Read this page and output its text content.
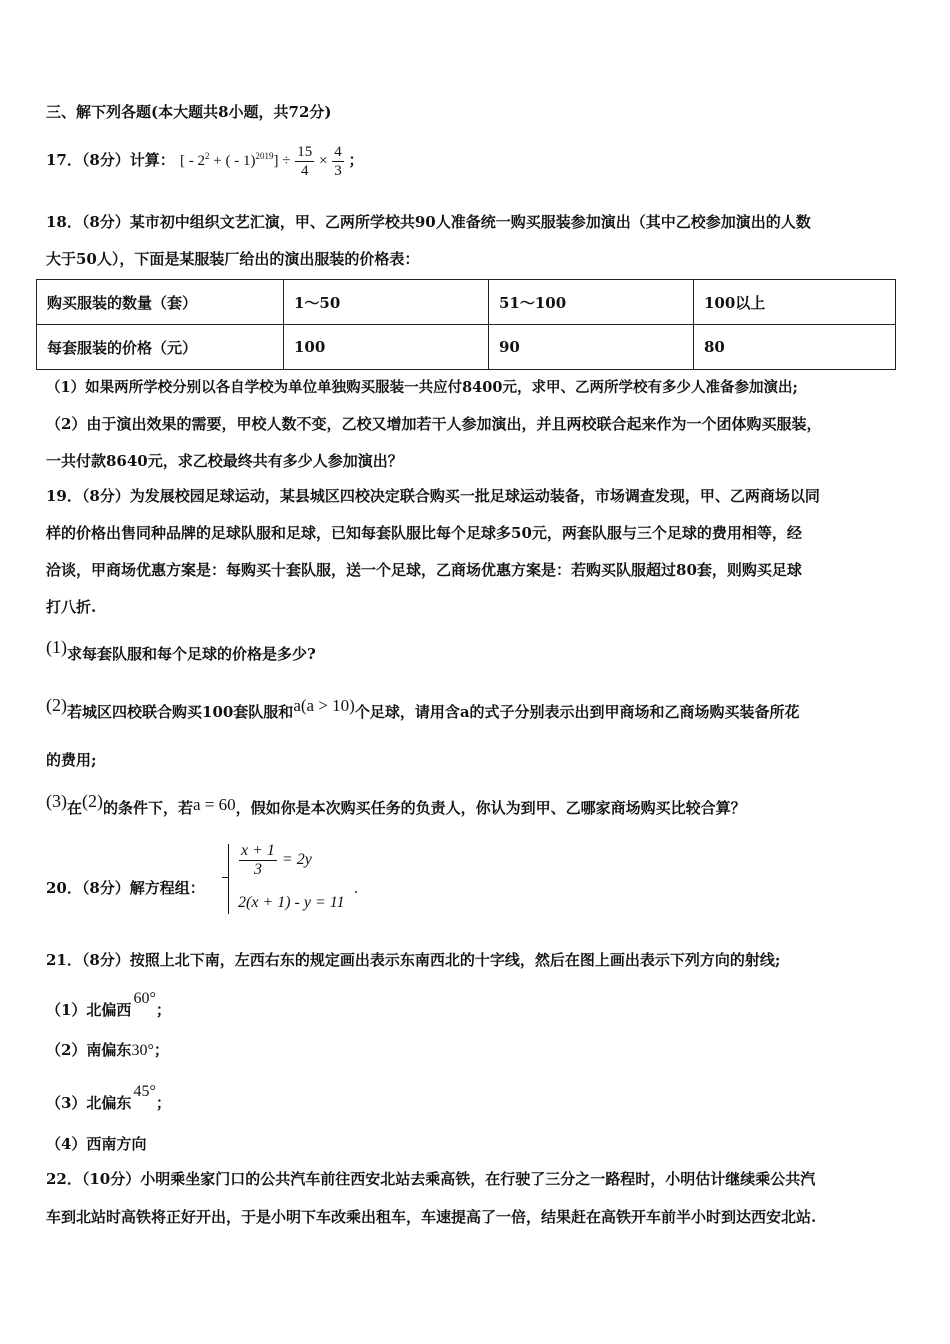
三、解下列各题(本大题共8小题，共72分)
17．（8分）计算： [ - $2^2$ + ( - $1)^{2019}] \div \frac{15}{4} \times \frac{4}{3}$ ；
18．（8分）某市初中组织文艺汇演，甲、乙两所学校共90人准备统一购买服装参加演出（其中乙校参加演出的人数
大于50人），下面是某服装厂给出的演出服装的价格表：
购买服装的数量（套）	1～50	51～100	100以上
每套服装的价格（元）	100	90	80
（1）如果两所学校分别以各自学校为单位单独购买服装一共应付8400元，求甲、乙两所学校有多少人准备参加演出;
（2）由于演出效果的需要，甲校人数不变，乙校又增加若干人参加演出，并且两校联合起来作为一个团体购买服装，
一共付款8640元，求乙校最终共有多少人参加演出？
19．（8分）为发展校园足球运动，某县城区四校决定联合购买一批足球运动装备，市场调查发现，甲、乙两商场以同
样的价格出售同种品牌的足球队服和足球，已知每套队服比每个足球多50元，两套队服与三个足球的费用相等，经
洽谈，甲商场优惠方案是：每购买十套队服，送一个足球，乙商场优惠方案是：若购买队服超过80套，则购买足球
打八折.
(1)求每套队服和每个足球的价格是多少?
(2)若城区四校联合购买100套队服和a(a > 10)个足球，请用含a的式子分别表示出到甲商场和乙商场购买装备所花
的费用;
(3)在(2)的条件下，若a = 60，假如你是本次购买任务的负责人，你认为到甲、乙哪家商场购买比较合算？
20．（8分）解方程组：
$\frac{x + 1}{3} = 2y$
2(x + 1) - y = 11
.
21．（8分）按照上北下南，左西右东的规定画出表示东南西北的十字线，然后在图上画出表示下列方向的射线;
（1）北偏西60°；
（2）南偏东30°；
（3）北偏东45°；
（4）西南方向
22．（10分）小明乘坐家门口的公共汽车前往西安北站去乘高铁，在行驶了三分之一路程时，小明估计继续乘公共汽
车到北站时高铁将正好开出，于是小明下车改乘出租车，车速提高了一倍，结果赶在高铁开车前半小时到达西安北站.
